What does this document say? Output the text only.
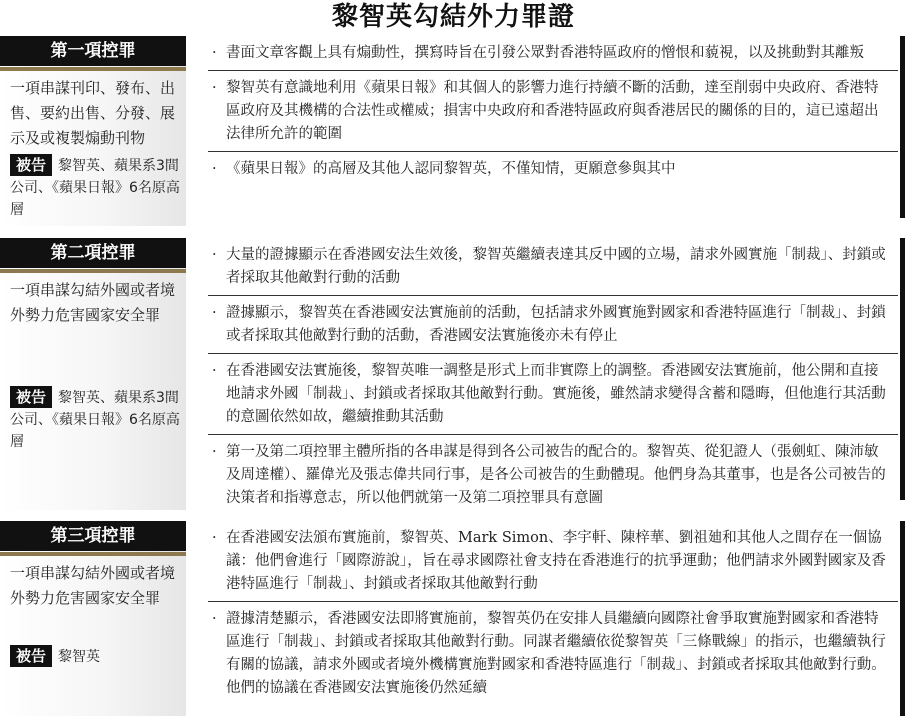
黎智英勾結外力罪證
第一項控罪
一項串謀刊印、發布、出售、要約出售、分發、展示及或複製煽動刊物
被告 黎智英、蘋果系3間公司、《蘋果日報》6名原高層
· 書面文章客觀上具有煽動性，撰寫時旨在引發公眾對香港特區政府的憎恨和藐視，以及挑動對其離叛
· 黎智英有意識地利用《蘋果日報》和其個人的影響力進行持續不斷的活動，達至削弱中央政府、香港特區政府及其機構的合法性或權威；損害中央政府和香港特區政府與香港居民的關係的目的，這已遠超出法律所允許的範圍
· 《蘋果日報》的高層及其他人認同黎智英，不僅知情，更願意參與其中
第二項控罪
一項串謀勾結外國或者境外勢力危害國家安全罪
被告 黎智英、蘋果系3間公司、《蘋果日報》6名原高層
· 大量的證據顯示在香港國安法生效後，黎智英繼續表達其反中國的立場，請求外國實施「制裁」、封鎖或者採取其他敵對行動的活動
· 證據顯示，黎智英在香港國安法實施前的活動，包括請求外國實施對國家和香港特區進行「制裁」、封鎖或者採取其他敵對行動的活動，香港國安法實施後亦未有停止
· 在香港國安法實施後，黎智英唯一調整是形式上而非實際上的調整。香港國安法實施前，他公開和直接地請求外國「制裁」、封鎖或者採取其他敵對行動。實施後，雖然請求變得含蓄和隱晦，但他進行其活動的意圖依然如故，繼續推動其活動
· 第一及第二項控罪主體所指的各串謀是得到各公司被告的配合的。黎智英、從犯證人（張劍虹、陳沛敏及周達權）、羅偉光及張志偉共同行事，是各公司被告的生動體現。他們身為其董事，也是各公司被告的決策者和指導意志，所以他們就第一及第二項控罪具有意圖
第三項控罪
一項串謀勾結外國或者境外勢力危害國家安全罪
被告 黎智英
· 在香港國安法頒布實施前，黎智英、Mark Simon、李宇軒、陳梓華、劉祖廸和其他人之間存在一個協議：他們會進行「國際游說」，旨在尋求國際社會支持在香港進行的抗爭運動；他們請求外國對國家及香港特區進行「制裁」、封鎖或者採取其他敵對行動
· 證據清楚顯示，香港國安法即將實施前，黎智英仍在安排人員繼續向國際社會爭取實施對國家和香港特區進行「制裁」、封鎖或者採取其他敵對行動。同謀者繼續依從黎智英「三條戰線」的指示，也繼續執行有關的協議，請求外國或者境外機構實施對國家和香港特區進行「制裁」、封鎖或者採取其他敵對行動。他們的協議在香港國安法實施後仍然延續
